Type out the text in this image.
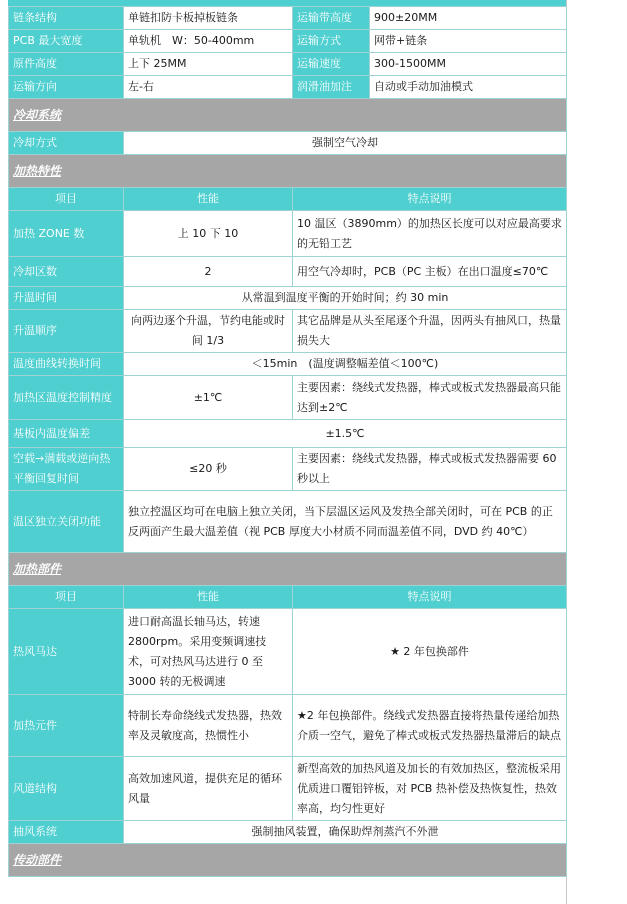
链条结构	单链扣防卡板掉板链条	运输带高度	900±20MM
PCB 最大宽度	单轨机　W：50-400mm	运输方式	网带+链条
原件高度	上下 25MM	运输速度	300-1500MM
运输方向	左-右	润滑油加注	自动或手动加油模式
冷却系统			
冷却方式	强制空气冷却		
加热特性			
项目	性能	特点说明	
加热 ZONE 数	上 10 下 10	10 温区（3890mm）的加热区长度可以对应最高要求的无铅工艺	
冷却区数	2	用空气冷却时，PCB（PC 主板）在出口温度≤70℃	
升温时间	从常温到温度平衡的开始时间；约 30 min		
升温顺序	向两边逐个升温，节约电能或时间 1/3	其它品牌是从头至尾逐个升温，因两头有抽风口，热量损失大	
温度曲线转换时间	＜15min　(温度调整幅差值＜100℃)		
加热区温度控制精度	±1℃	主要因素：绕线式发热器，棒式或板式发热器最高只能达到±2℃	
基板内温度偏差	±1.5℃		
空载→满载或逆向热平衡回复时间	≤20 秒	主要因素：绕线式发热器，棒式或板式发热器需要 60 秒以上	
温区独立关闭功能	独立控温区均可在电脑上独立关闭，当下层温区运风及发热全部关闭时，可在 PCB 的正反两面产生最大温差值（视 PCB 厚度大小材质不同而温差值不同，DVD 约 40℃）		
加热部件			
项目	性能	特点说明	
热风马达	进口耐高温长轴马达，转速 2800rpm。采用变频调速技术，可对热风马达进行 0 至 3000 转的无极调速	★ 2 年包换部件	
加热元件	特制长寿命绕线式发热器，热效率及灵敏度高，热惯性小	★2 年包换部件。绕线式发热器直接将热量传递给加热介质一空气，避免了棒式或板式发热器热量滞后的缺点	
风道结构	高效加速风道，提供充足的循环风量	新型高效的加热风道及加长的有效加热区，整流板采用优质进口覆铝锌板，对 PCB 热补偿及热恢复性，热效率高，均匀性更好	
抽风系统	强制抽风装置，确保助焊剂蒸汽不外泄		
传动部件			
